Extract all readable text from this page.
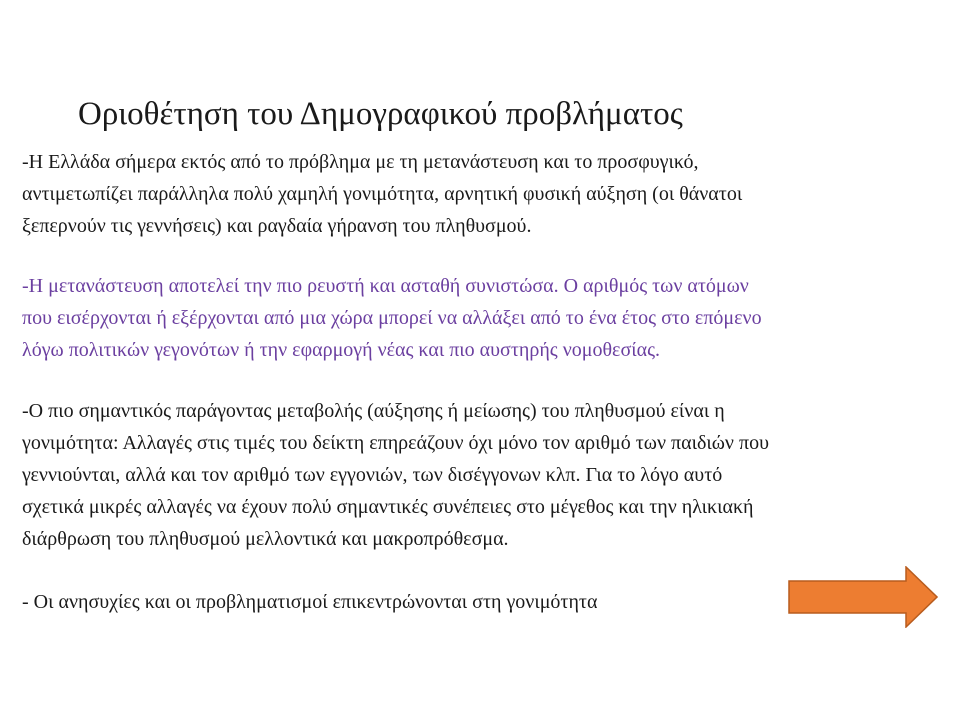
Οριοθέτηση του Δημογραφικού προβλήματος

-Η Ελλάδα σήμερα εκτός από το πρόβλημα με τη μετανάστευση και το προσφυγικό,
αντιμετωπίζει παράλληλα πολύ χαμηλή γονιμότητα, αρνητική φυσική αύξηση (οι θάνατοι
ξεπερνούν τις γεννήσεις) και ραγδαία γήρανση του πληθυσμού.

-Η μετανάστευση αποτελεί την πιο ρευστή και ασταθή συνιστώσα. Ο αριθμός των ατόμων
που εισέρχονται ή εξέρχονται από μια χώρα μπορεί να αλλάξει από το ένα έτος στο επόμενο
λόγω πολιτικών γεγονότων ή την εφαρμογή νέας και πιο αυστηρής νομοθεσίας.

-Ο πιο σημαντικός παράγοντας μεταβολής (αύξησης ή μείωσης) του πληθυσμού είναι η
γονιμότητα: Αλλαγές στις τιμές του δείκτη επηρεάζουν όχι μόνο τον αριθμό των παιδιών που
γεννιούνται, αλλά και τον αριθμό των εγγονιών, των δισέγγονων κλπ. Για το λόγο αυτό
σχετικά μικρές αλλαγές να έχουν πολύ σημαντικές συνέπειες στο μέγεθος και την ηλικιακή
διάρθρωση του πληθυσμού μελλοντικά και μακροπρόθεσμα.

- Οι ανησυχίες και οι προβληματισμοί επικεντρώνονται στη γονιμότητα
